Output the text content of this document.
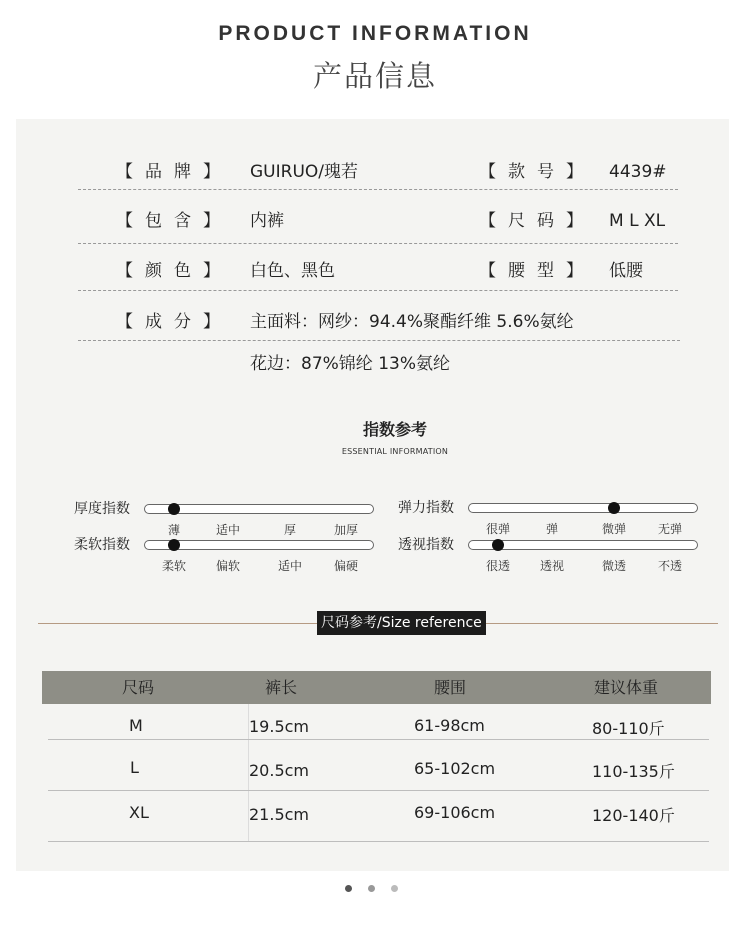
PRODUCT INFORMATION
产品信息
【 品 牌 】 GUIRUO/瑰若	【 款 号 】 4439#
【 包 含 】 内裤	【 尺 码 】 M L XL
【 颜 色 】 白色、黑色	【 腰 型 】 低腰
【 成 分 】 主面料：网纱：94.4%聚酯纤维 5.6%氨纶
花边：87%锦纶 13%氨纶
指数参考
ESSENTIAL INFORMATION
厚度指数
薄	适中	厚	加厚
柔软指数
柔软 偏软	适中	偏硬
弹力指数
很弹	弹	微弹	无弹
透视指数
很透 透视	微透	不透
尺码参考/Size reference
尺码	裤长	腰围	建议体重
M	19.5cm	61-98cm	80-110斤
L	20.5cm	65-102cm	110-135斤
XL	21.5cm	69-106cm	120-140斤
